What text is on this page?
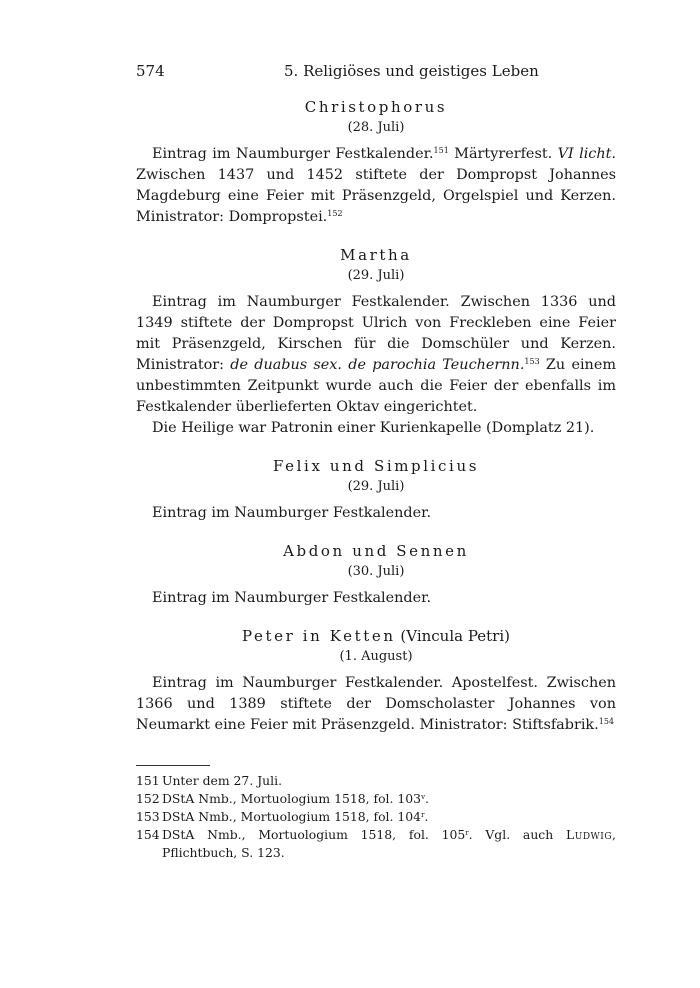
574	5. Religiöses und geistiges Leben

Christophorus

(28. Juli)

Eintrag im Naumburger Festkalender.$^{151}$ Märtyrerfest. VI licht. Zwischen 1437 und 1452 stiftete der Dompropst Johannes Magdeburg eine Feier mit Präsenzgeld, Orgelspiel und Kerzen. Ministrator: Dompropstei.$^{152}$

Martha

(29. Juli)

Eintrag im Naumburger Festkalender. Zwischen 1336 und 1349 stiftete der Dompropst Ulrich von Freckleben eine Feier mit Präsenzgeld, Kirschen für die Domschüler und Kerzen. Ministrator: de duabus sex. de parochia Teuchernn.$^{153}$ Zu einem unbestimmten Zeitpunkt wurde auch die Feier der ebenfalls im Festkalender überlieferten Oktav eingerichtet.

Die Heilige war Patronin einer Kurienkapelle (Domplatz 21).

Felix und Simplicius

(29. Juli)

Eintrag im Naumburger Festkalender.

Abdon und Sennen

(30. Juli)

Eintrag im Naumburger Festkalender.

Peter in Ketten (Vincula Petri)

(1. August)

Eintrag im Naumburger Festkalender. Apostelfest. Zwischen 1366 und 1389 stiftete der Domscholaster Johannes von Neumarkt eine Feier mit Präsenzgeld. Ministrator: Stiftsfabrik.$^{154}$

151 Unter dem 27. Juli.
152 DStA Nmb., Mortuologium 1518, fol. 103$^v$.
153 DStA Nmb., Mortuologium 1518, fol. 104$^r$.
154 DStA Nmb., Mortuologium 1518, fol. 105$^r$. Vgl. auch Ludwig, Pflichtbuch, S. 123.
